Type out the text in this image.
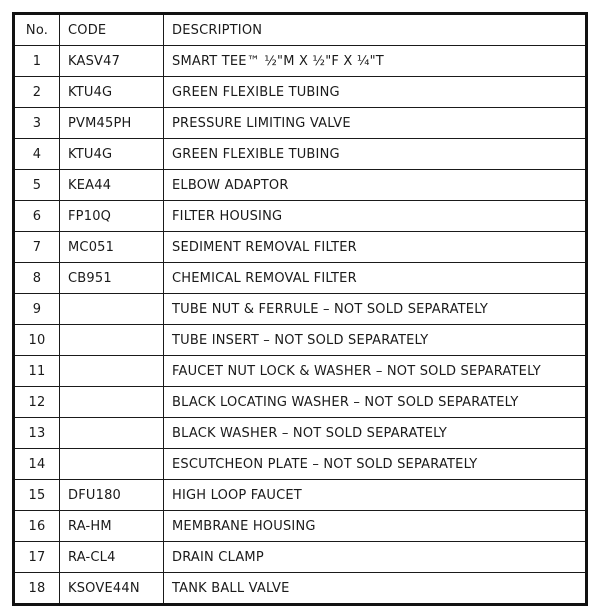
No.	CODE	DESCRIPTION
1	KASV47	SMART TEE™ ½"M X ½"F X ¼"T
2	KTU4G	GREEN FLEXIBLE TUBING
3	PVM45PH	PRESSURE LIMITING VALVE
4	KTU4G	GREEN FLEXIBLE TUBING
5	KEA44	ELBOW ADAPTOR
6	FP10Q	FILTER HOUSING
7	MC051	SEDIMENT REMOVAL FILTER
8	CB951	CHEMICAL REMOVAL FILTER
9		TUBE NUT & FERRULE – NOT SOLD SEPARATELY
10		TUBE INSERT – NOT SOLD SEPARATELY
11		FAUCET NUT LOCK & WASHER – NOT SOLD SEPARATELY
12		BLACK LOCATING WASHER – NOT SOLD SEPARATELY
13		BLACK WASHER – NOT SOLD SEPARATELY
14		ESCUTCHEON PLATE – NOT SOLD SEPARATELY
15	DFU180	HIGH LOOP FAUCET
16	RA-HM	MEMBRANE HOUSING
17	RA-CL4	DRAIN CLAMP
18	KSOVE44N	TANK BALL VALVE
